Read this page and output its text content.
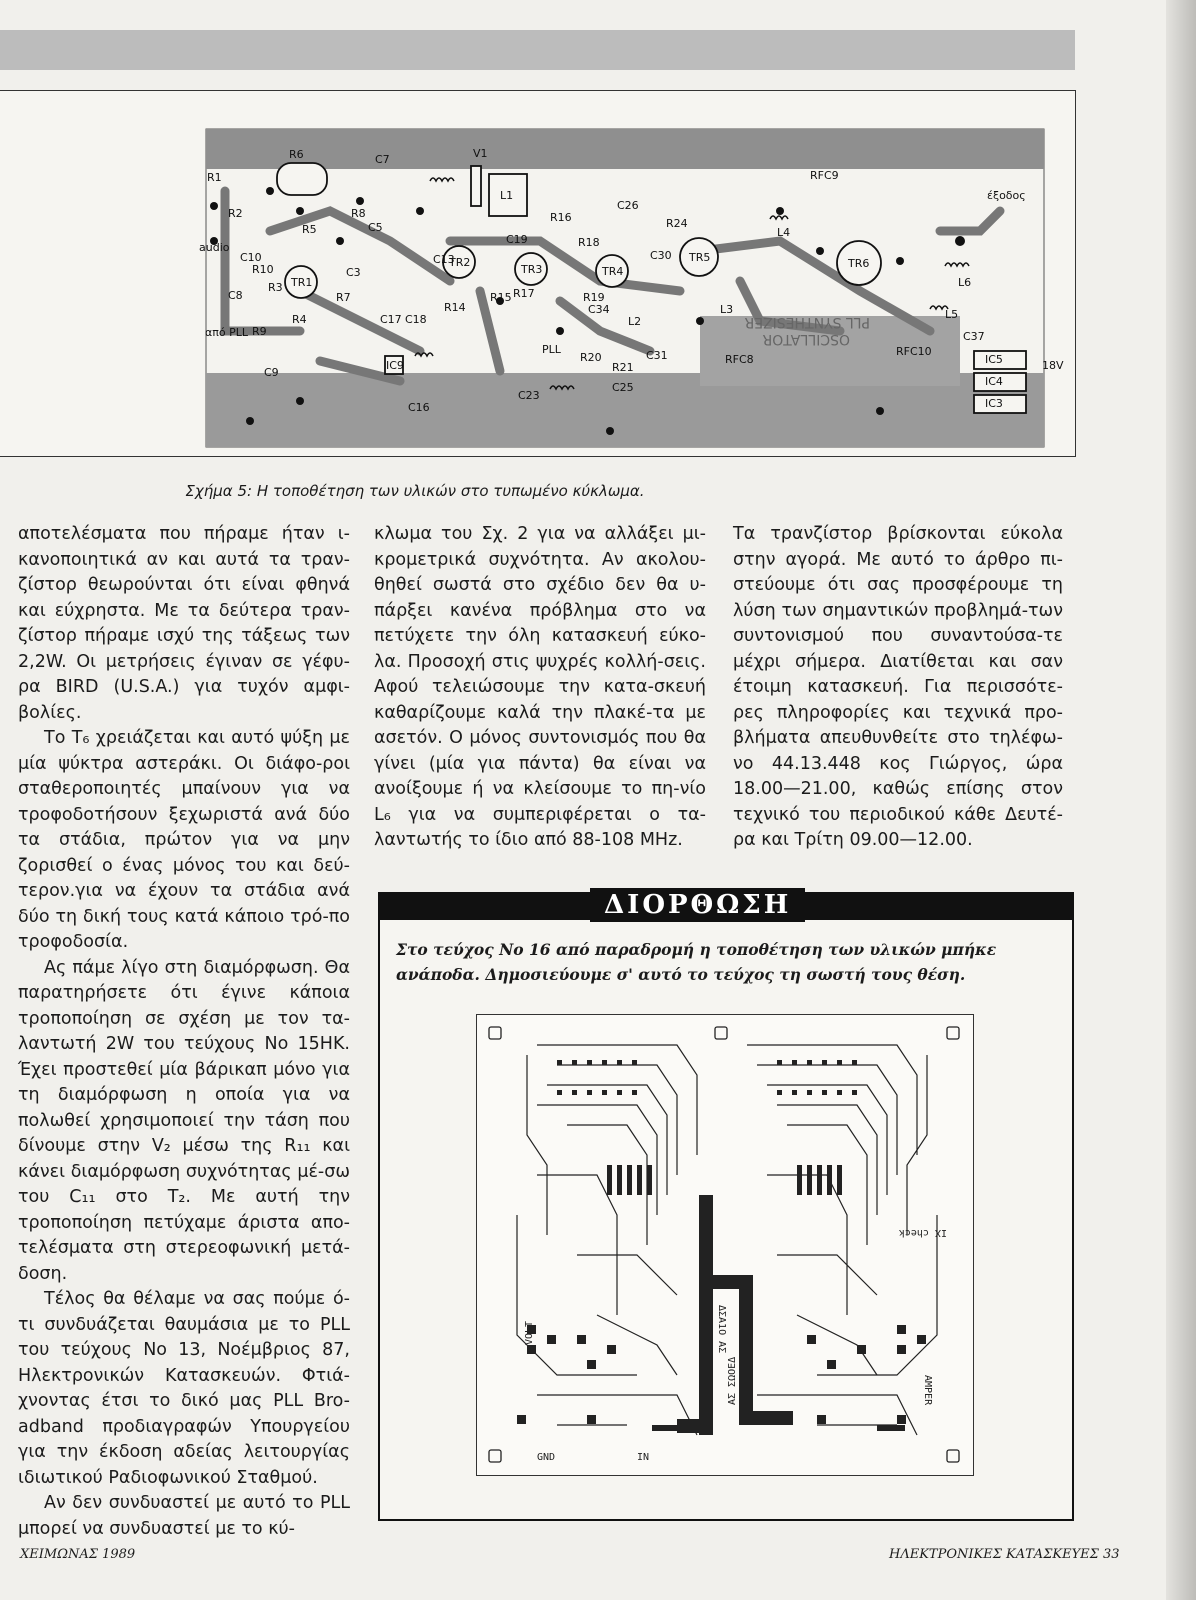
R6
R1
R2
R3
R4
R5
R7
R8
R9
R10
R14
R15
R16
R17
R18
R19
R20
R21
R24
TR1
TR2
TR3	TR4
TR5	TR6
L1
L2
L3
L4
L5
L6
audio
από PLL
PLL
έξοδος
RFC8
RFC9
RFC10
IC3
IC4
IC5
IC9
C3
C5
C7
C8
C9
C10	C13
C16
C17 C18
C19
C23
C25
C26
C30
C31
C34
C37
V1
18V
OSCILLATOR
PLL SYNTHESIZER
Σχήμα 5: Η τοποθέτηση των υλικών στο τυπωμένο κύκλωμα.

αποτελέσματα που πήραμε ήταν ι-κανοποιητικά αν και αυτά τα τραν-ζίστορ θεωρούνται ότι είναι φθηνά και εύχρηστα. Με τα δεύτερα τραν-ζίστορ πήραμε ισχύ της τάξεως των 2,2W. Οι μετρήσεις έγιναν σε γέφυ-ρα BIRD (U.S.A.) για τυχόν αμφι-βολίες.

Το T₆ χρειάζεται και αυτό ψύξη με μία ψύκτρα αστεράκι. Οι διάφο-ροι σταθεροποιητές μπαίνουν για να τροφοδοτήσουν ξεχωριστά ανά δύο τα στάδια, πρώτον για να μην ζορισθεί ο ένας μόνος του και δεύ-τερον.για να έχουν τα στάδια ανά δύο τη δική τους κατά κάποιο τρό-πο τροφοδοσία.

Ας πάμε λίγο στη διαμόρφωση. Θα παρατηρήσετε ότι έγινε κάποια τροποποίηση σε σχέση με τον τα-λαντωτή 2W του τεύχους Νο 15ΗΚ. Έχει προστεθεί μία βάρικαπ μόνο για τη διαμόρφωση η οποία για να πολωθεί χρησιμοποιεί την τάση που δίνουμε στην V₂ μέσω της R₁₁ και κάνει διαμόρφωση συχνότητας μέ-σω του C₁₁ στο T₂. Με αυτή την τροποποίηση πετύχαμε άριστα απο-τελέσματα στη στερεοφωνική μετά-δοση.

Τέλος θα θέλαμε να σας πούμε ό-τι συνδυάζεται θαυμάσια με το PLL του τεύχους Νο 13, Νοέμβριος 87, Ηλεκτρονικών Κατασκευών. Φτιά-χνοντας έτσι το δικό μας PLL Bro-adband προδιαγραφών Υπουργείου για την έκδοση αδείας λειτουργίας ιδιωτικού Ραδιοφωνικού Σταθμού.

Αν δεν συνδυαστεί με αυτό το PLL μπορεί να συνδυαστεί με το κύ-

κλωμα του Σχ. 2 για να αλλάξει μι-κρομετρικά συχνότητα. Αν ακολου-θηθεί σωστά στο σχέδιο δεν θα υ-πάρξει κανένα πρόβλημα στο να πετύχετε την όλη κατασκευή εύκο-λα. Προσοχή στις ψυχρές κολλή-σεις. Αφού τελειώσουμε την κατα-σκευή καθαρίζουμε καλά την πλακέ-τα με ασετόν. Ο μόνος συντονισμός που θα γίνει (μία για πάντα) θα είναι να ανοίξουμε ή να κλείσουμε το πη-νίο L₆ για να συμπεριφέρεται ο τα-λαντωτής το ίδιο από 88-108 MHz.

Τα τρανζίστορ βρίσκονται εύκολα στην αγορά. Με αυτό το άρθρο πι-στεύουμε ότι σας προσφέρουμε τη λύση των σημαντικών προβλημά-των συντονισμού που συναντούσα-τε μέχρι σήμερα. Διατίθεται και σαν έτοιμη κατασκευή. Για περισσότε-ρες πληροφορίες και τεχνικά προ-βλήματα απευθυνθείτε στο τηλέφω-νο 44.13.448 κος Γιώργος, ώρα 18.00—21.00, καθώς επίσης στον τεχνικό του περιοδικού κάθε Δευτέ-ρα και Τρίτη 09.00—12.00.

ΔΙΟΡΘΩΣΗ
Στο τεύχος Νο 16 από παραδρομή η τοποθέτηση των υλικών μπήκε ανάποδα. Δημοσιεύουμε σ' αυτό το τεύχος τη σωστή τους θέση.
IN
GND
VOLT
AMPER
IX check
ΔΣΑ1Ο ΑΣ
ΑΣ ΣΩΟΕΔ
ΧΕΙΜΩΝΑΣ 1989	ΗΛΕΚΤΡΟΝΙΚΕΣ ΚΑΤΑΣΚΕΥΕΣ 33
